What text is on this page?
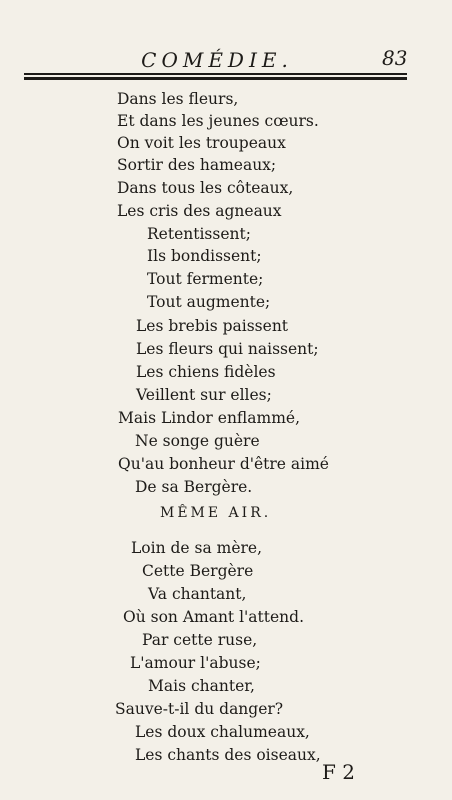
COMÉDIE.	83
Dans les fleurs,
Et dans les jeunes cœurs.
On voit les troupeaux
Sortir des hameaux;
Dans tous les côteaux,
Les cris des agneaux
Retentissent;
Ils bondissent;
Tout fermente;
Tout augmente;
Les brebis paissent
Les fleurs qui naissent;
Les chiens fidèles
Veillent sur elles;
Mais Lindor enflammé,
Ne songe guère
Qu'au bonheur d'être aimé
De sa Bergère.
MÊME AIR.
Loin de sa mère,
Cette Bergère
Va chantant,
Où son Amant l'attend.
Par cette ruse,
L'amour l'abuse;
Mais chanter,
Sauve-t-il du danger?
Les doux chalumeaux,
Les chants des oiseaux,
F 2
